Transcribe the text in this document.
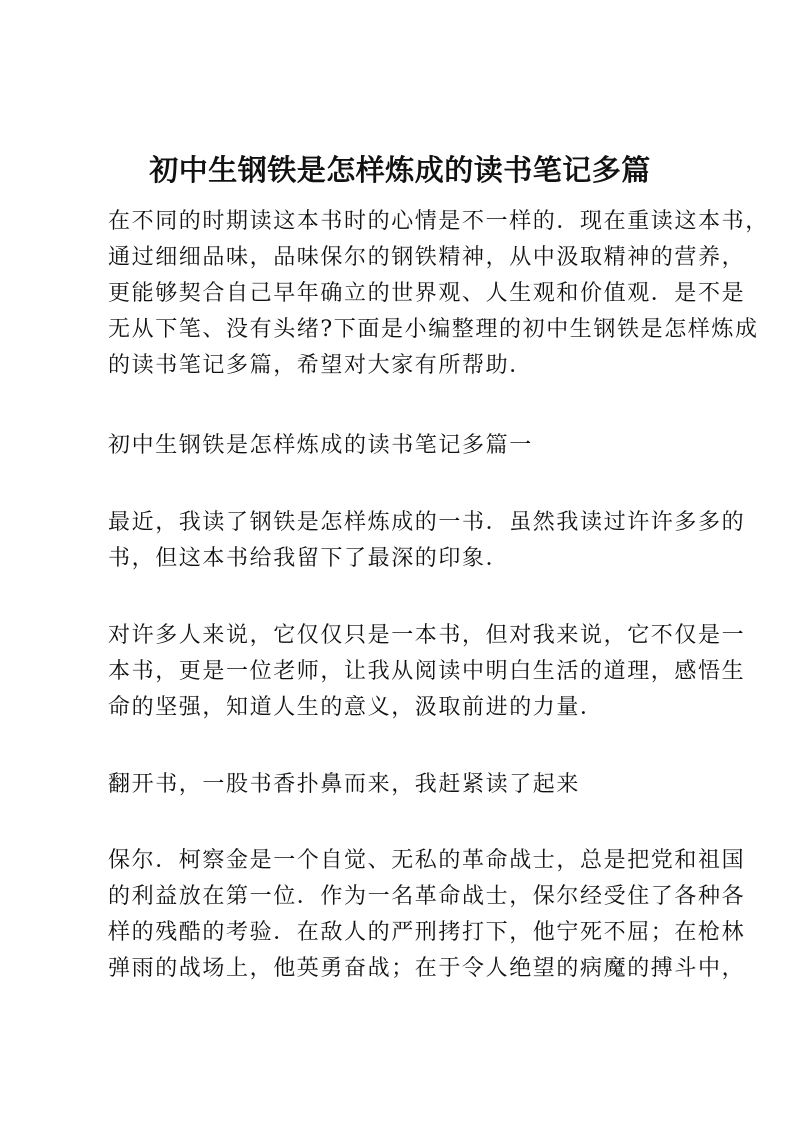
初中生钢铁是怎样炼成的读书笔记多篇

在不同的时期读这本书时的心情是不一样的．现在重读这本书，
通过细细品味，品味保尔的钢铁精神，从中汲取精神的营养，
更能够契合自己早年确立的世界观、人生观和价值观．是不是
无从下笔、没有头绪?下面是小编整理的初中生钢铁是怎样炼成
的读书笔记多篇，希望对大家有所帮助．

初中生钢铁是怎样炼成的读书笔记多篇一

最近，我读了钢铁是怎样炼成的一书．虽然我读过许许多多的
书，但这本书给我留下了最深的印象．

对许多人来说，它仅仅只是一本书，但对我来说，它不仅是一
本书，更是一位老师，让我从阅读中明白生活的道理，感悟生
命的坚强，知道人生的意义，汲取前进的力量．

翻开书，一股书香扑鼻而来，我赶紧读了起来

保尔．柯察金是一个自觉、无私的革命战士，总是把党和祖国
的利益放在第一位．作为一名革命战士，保尔经受住了各种各
样的残酷的考验．在敌人的严刑拷打下，他宁死不屈；在枪林
弹雨的战场上，他英勇奋战；在于令人绝望的病魔的搏斗中，
